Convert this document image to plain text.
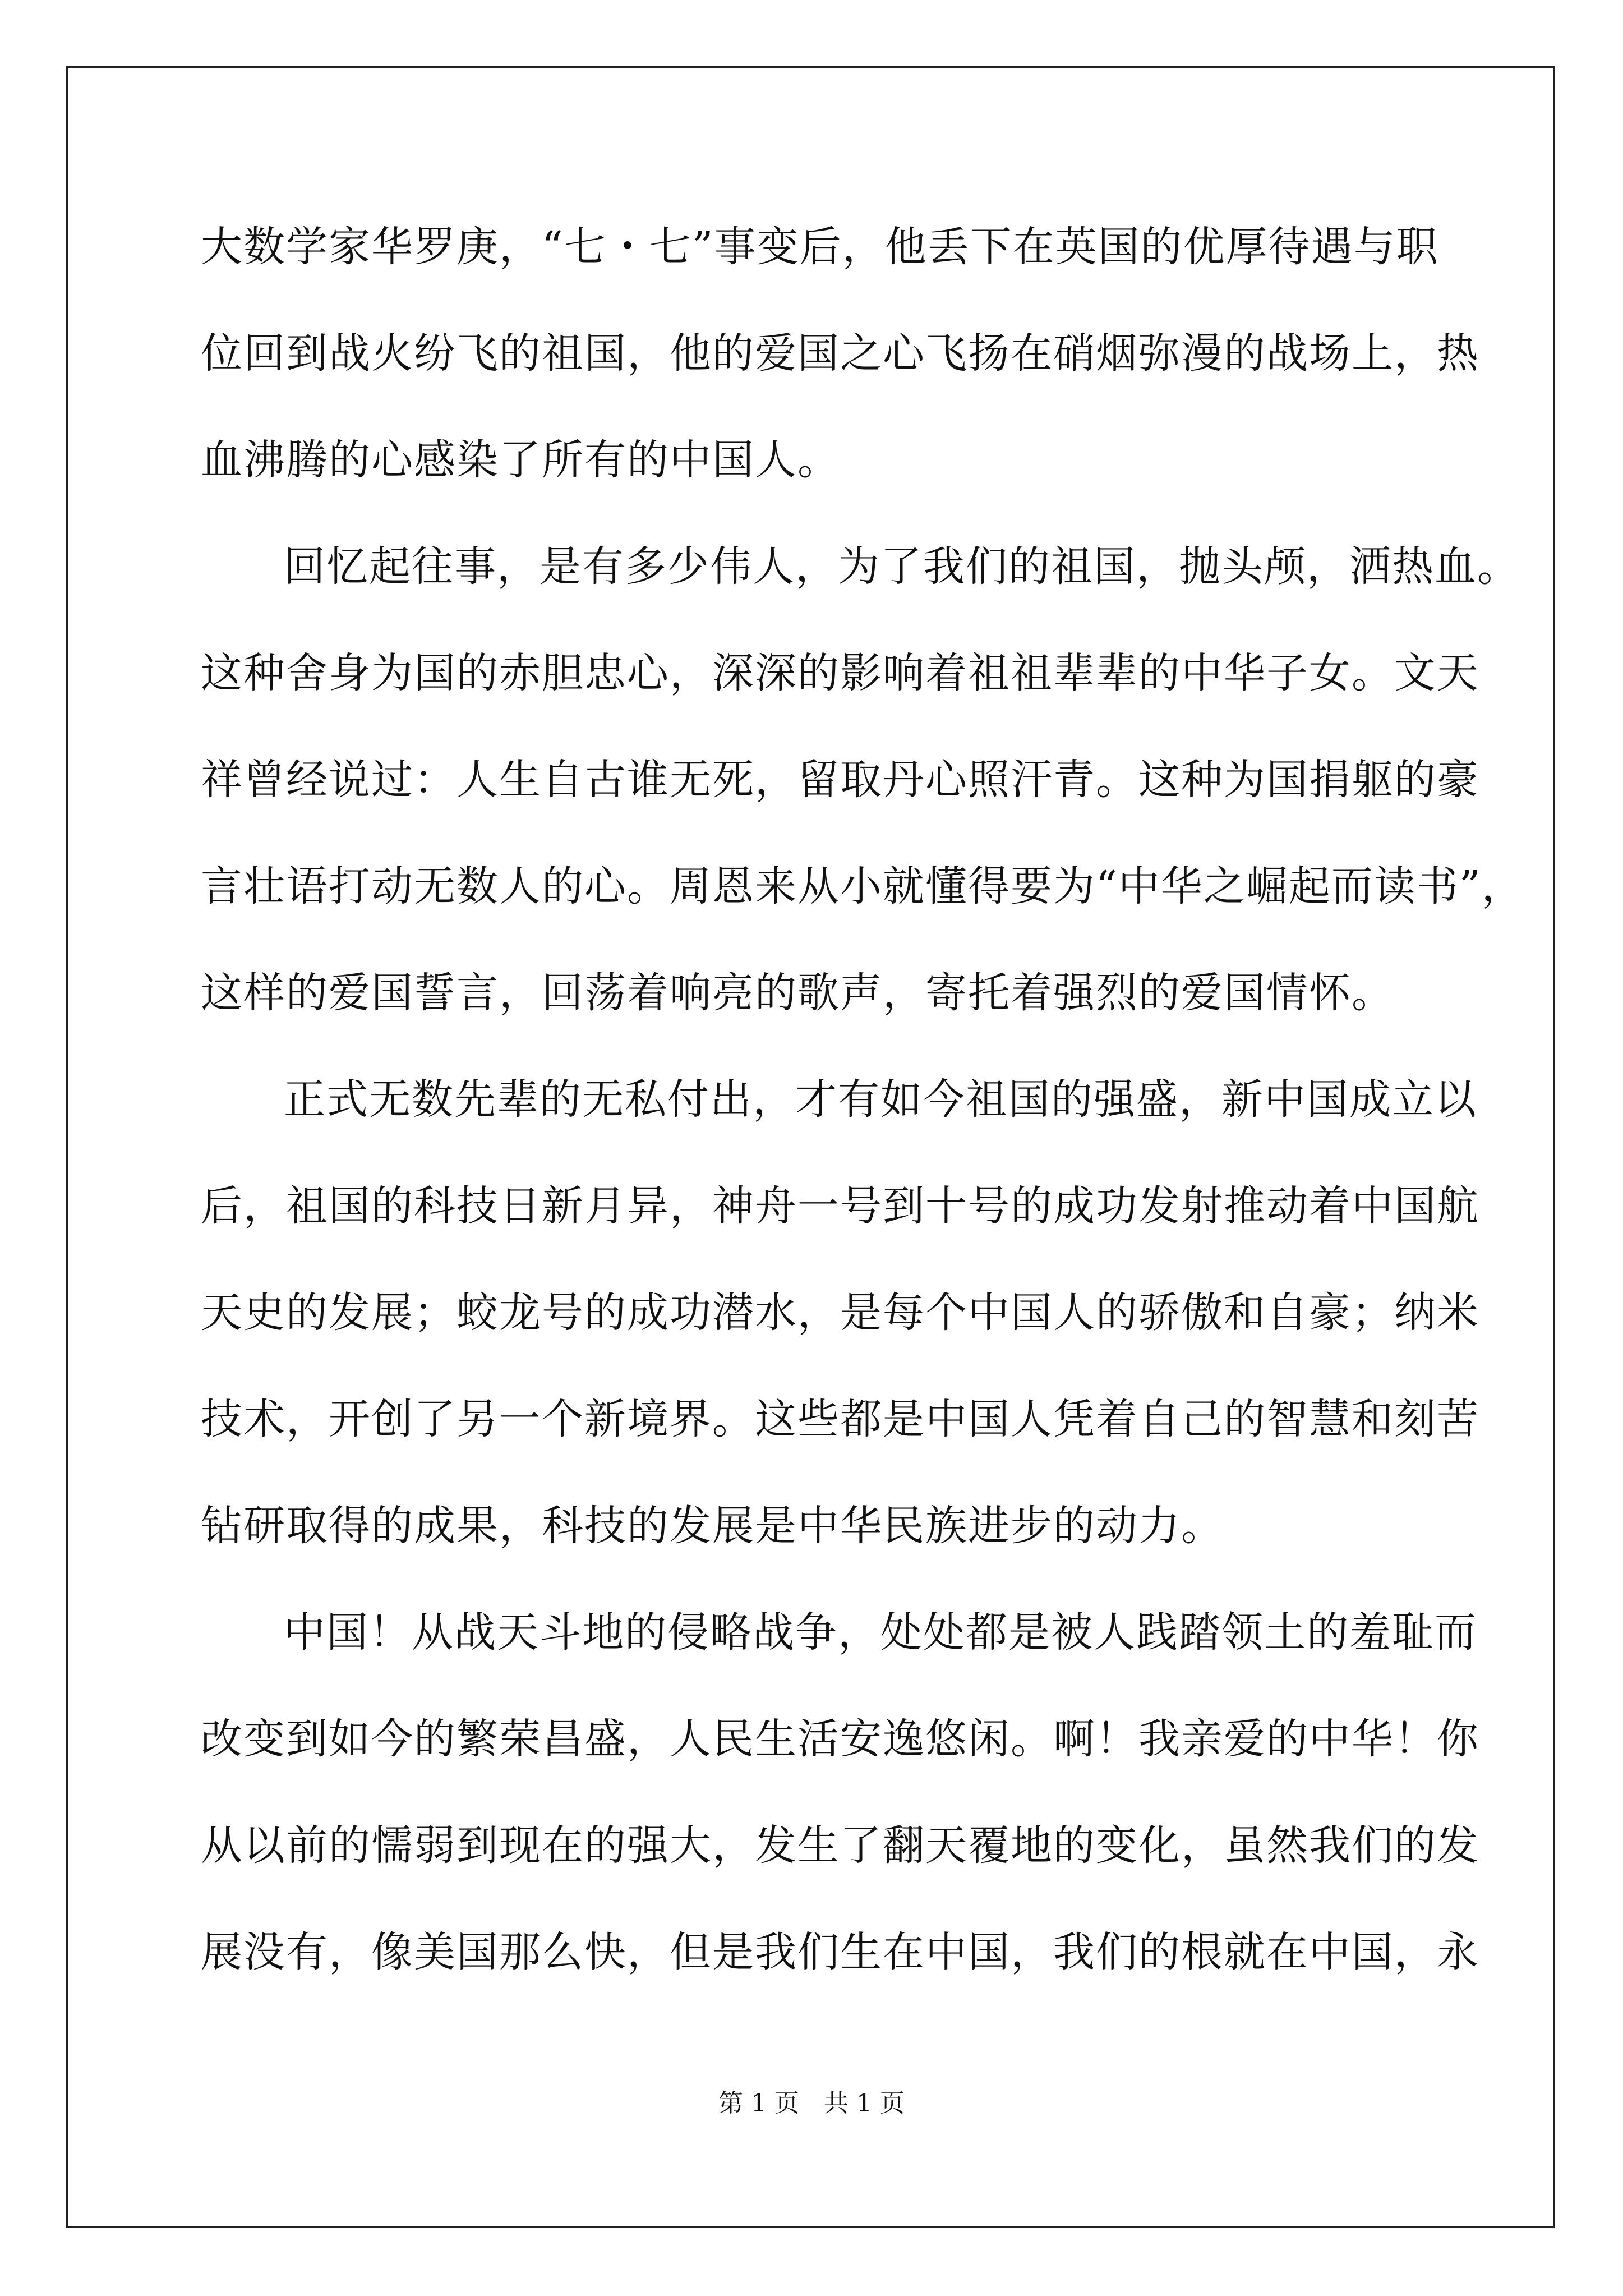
大数学家华罗庚，“七・七”事变后，他丢下在英国的优厚待遇与职
位回到战火纷飞的祖国，他的爱国之心飞扬在硝烟弥漫的战场上，热
血沸腾的心感染了所有的中国人。
回忆起往事，是有多少伟人，为了我们的祖国，抛头颅，洒热血。
这种舍身为国的赤胆忠心，深深的影响着祖祖辈辈的中华子女。文天
祥曾经说过：人生自古谁无死，留取丹心照汗青。这种为国捐躯的豪
言壮语打动无数人的心。周恩来从小就懂得要为“中华之崛起而读书”，
这样的爱国誓言，回荡着响亮的歌声，寄托着强烈的爱国情怀。
正式无数先辈的无私付出，才有如今祖国的强盛，新中国成立以
后，祖国的科技日新月异，神舟一号到十号的成功发射推动着中国航
天史的发展；蛟龙号的成功潜水，是每个中国人的骄傲和自豪；纳米
技术，开创了另一个新境界。这些都是中国人凭着自己的智慧和刻苦
钻研取得的成果，科技的发展是中华民族进步的动力。
中国！从战天斗地的侵略战争，处处都是被人践踏领土的羞耻而
改变到如今的繁荣昌盛，人民生活安逸悠闲。啊！我亲爱的中华！你
从以前的懦弱到现在的强大，发生了翻天覆地的变化，虽然我们的发
展没有，像美国那么快，但是我们生在中国，我们的根就在中国，永
第 1 页　共 1 页
